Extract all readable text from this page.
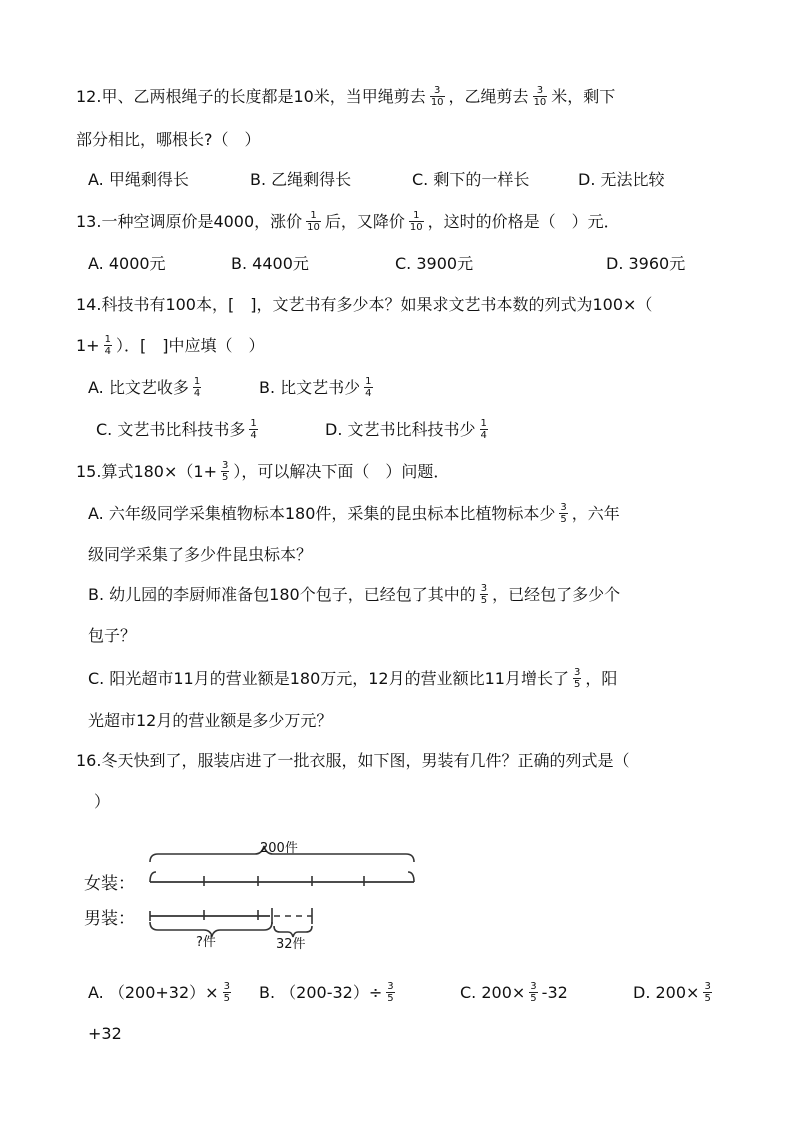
12.甲、乙两根绳子的长度都是10米，当甲绳剪去 $\frac{3}{10}$ ，乙绳剪去 $\frac{3}{10}$ 米，剩下
部分相比，哪根长?（　）
A. 甲绳剩得长	B. 乙绳剩得长	C. 剩下的一样长	D. 无法比较
13.一种空调原价是4000，涨价 $\frac{1}{10}$ 后，又降价 $\frac{1}{10}$ ，这时的价格是（　）元．
A. 4000元	B. 4400元	C. 3900元	D. 3960元
14.科技书有100本，[　]，文艺书有多少本？如果求文艺书本数的列式为100×（
$1+ \frac{1}{4}$ ）．[　]中应填（　）
A. 比文艺收多 $\frac{1}{4}$	B. 比文艺书少 $\frac{1}{4}$
C. 文艺书比科技书多 $\frac{1}{4}$	D. 文艺书比科技书少 $\frac{1}{4}$
15.算式$180\times(1+ \frac{3}{5}$ ），可以解决下面（　）问题．
A. 六年级同学采集植物标本180件，采集的昆虫标本比植物标本少 $\frac{3}{5}$ ，六年
级同学采集了多少件昆虫标本？
B. 幼儿园的李厨师准备包180个包子，已经包了其中的 $\frac{3}{5}$ ，已经包了多少个
包子？
C. 阳光超市11月的营业额是180万元，12月的营业额比11月增长了 $\frac{3}{5}$ ，阳
光超市12月的营业额是多少万元？
16.冬天快到了，服装店进了一批衣服，如下图，男装有几件？正确的列式是（
）
200件
女装：
男装：
?件	32件
A. $(200+32)\times \frac{3}{5} B$. $(200-32)\div \frac{3}{5}$	C. $200\times \frac{3}{5} -32$	D. $200\times \frac{3}{5}$
+32
